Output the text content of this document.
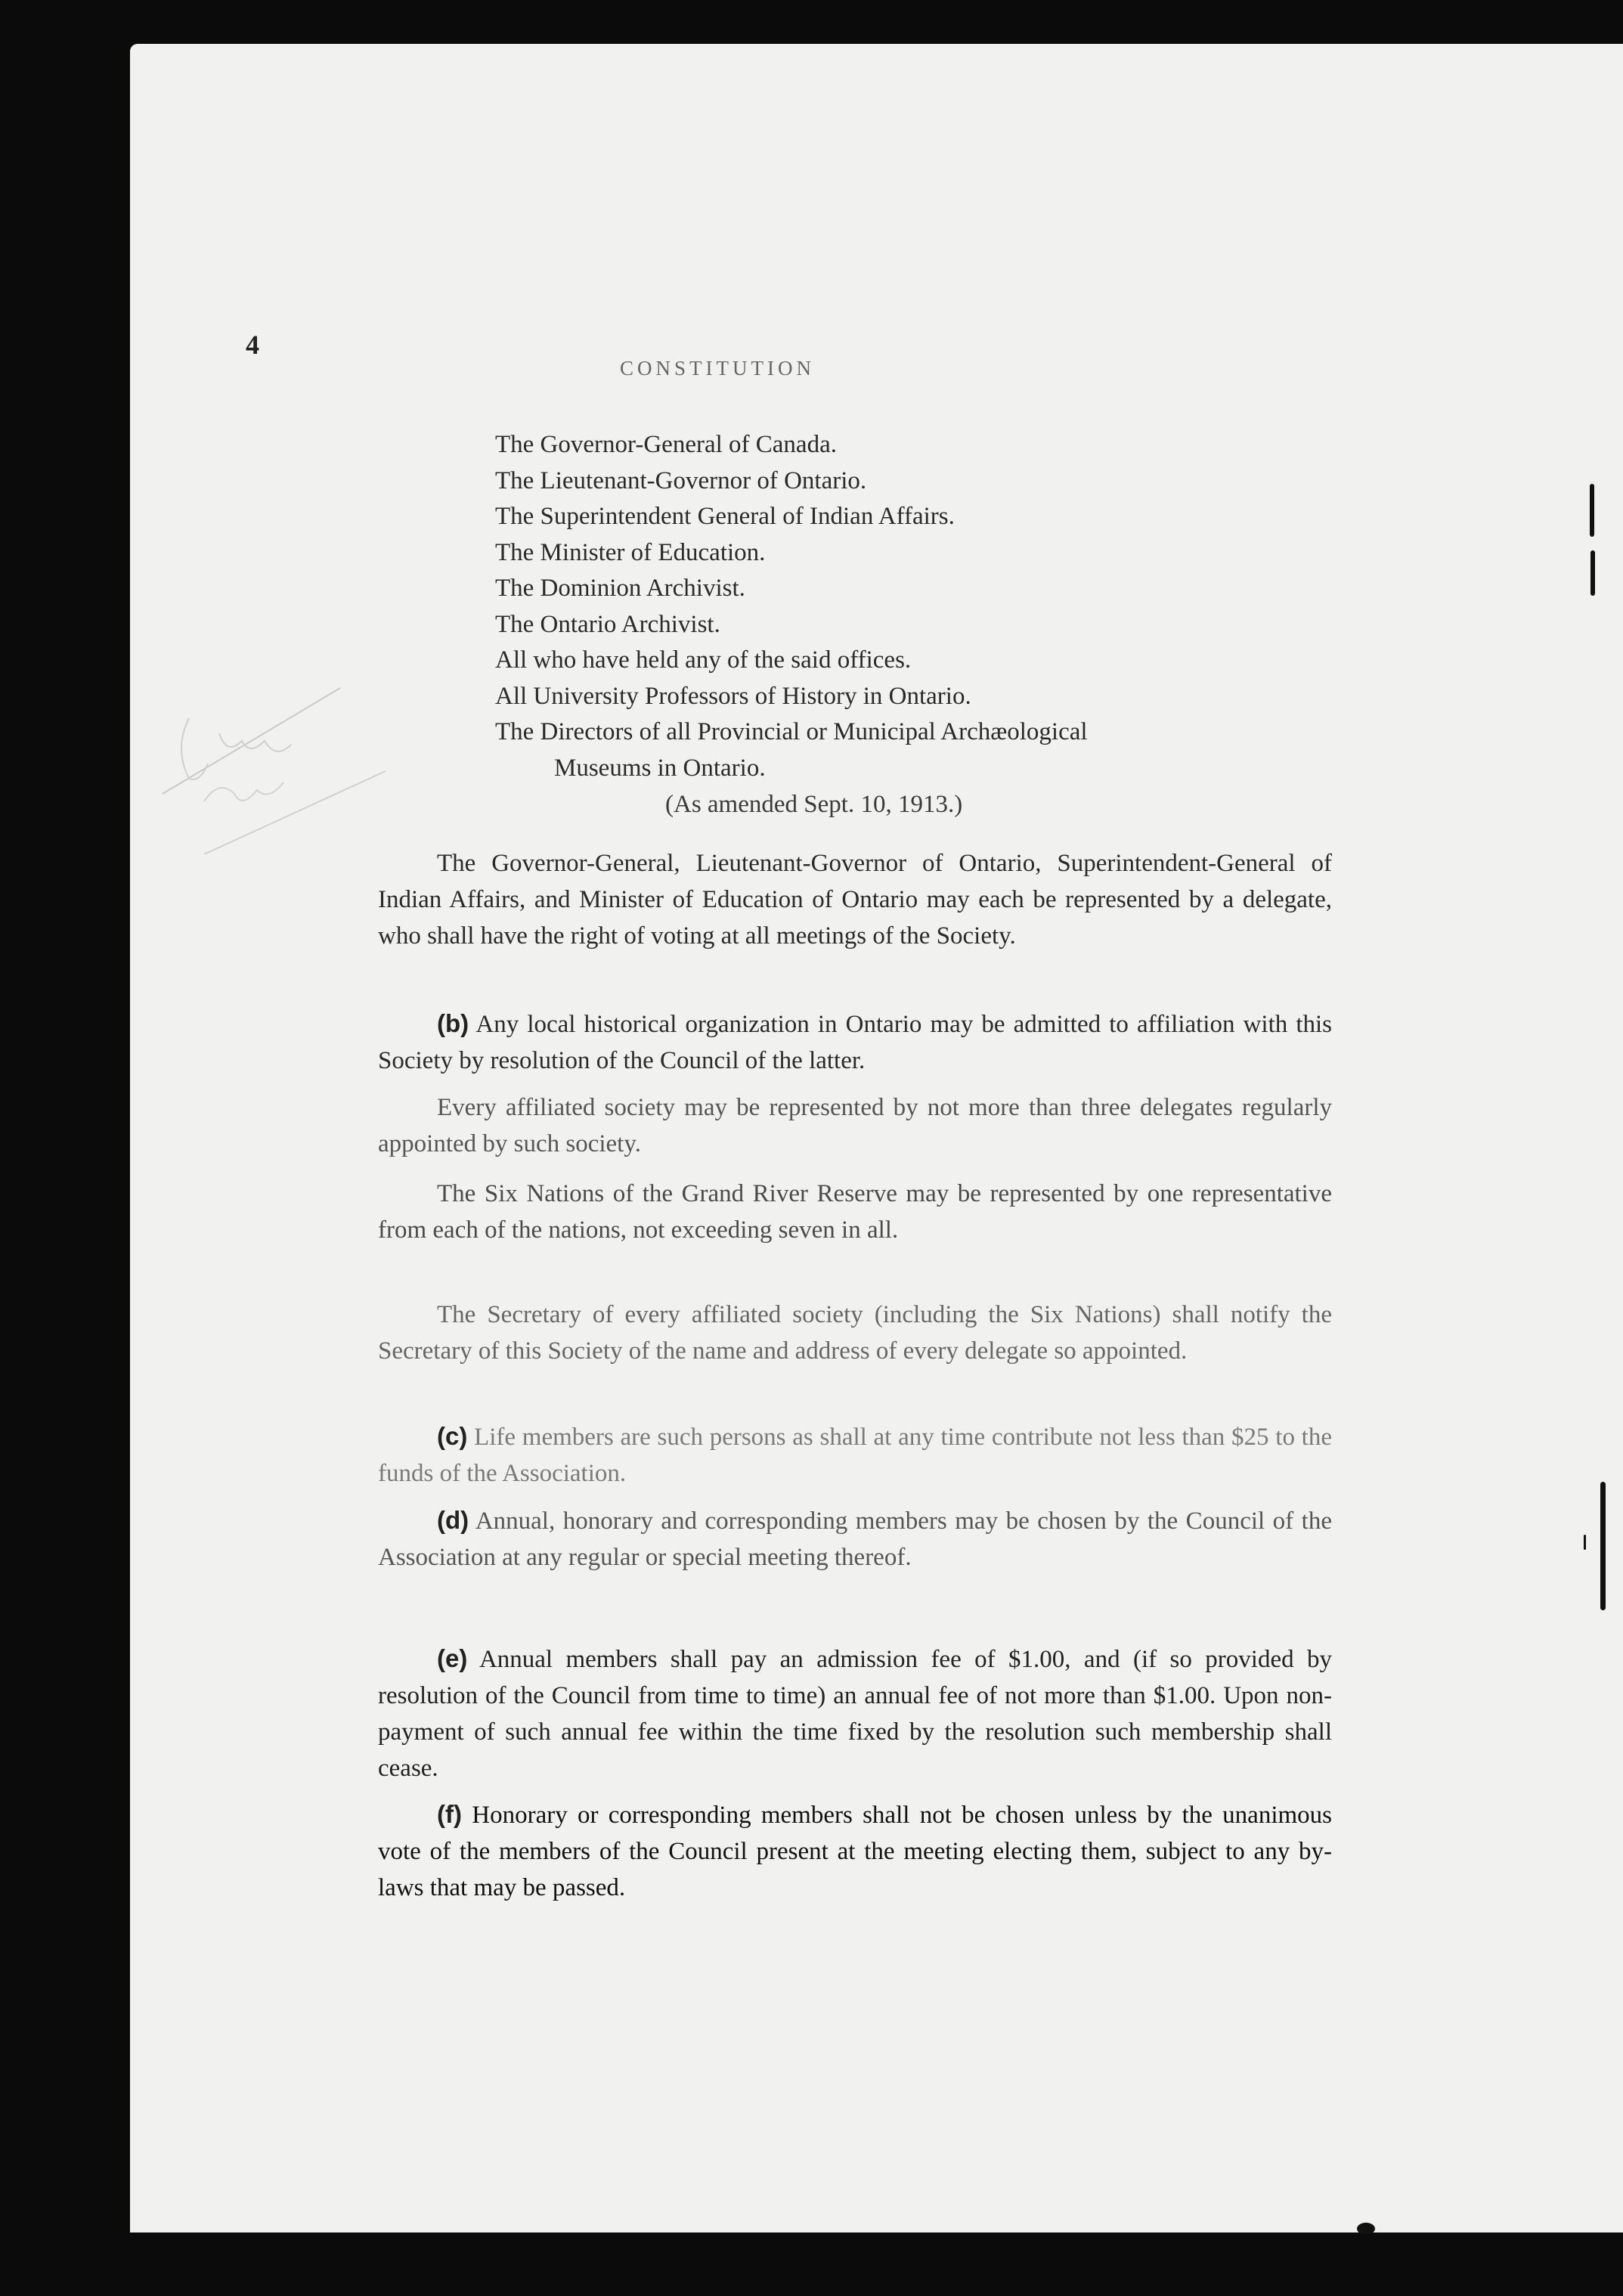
4
CONSTITUTION
The Governor-General of Canada.
The Lieutenant-Governor of Ontario.
The Superintendent General of Indian Affairs.
The Minister of Education.
The Dominion Archivist.
The Ontario Archivist.
All who have held any of the said offices.
All University Professors of History in Ontario.
The Directors of all Provincial or Municipal Archæological
Museums in Ontario.
(As amended Sept. 10, 1913.)

The Governor-General, Lieutenant-Governor of Ontario, Superintendent-General of Indian Affairs, and Minister of Education of Ontario may each be represented by a delegate, who shall have the right of voting at all meetings of the Society.

(b) Any local historical organization in Ontario may be admitted to affiliation with this Society by resolution of the Council of the latter.

Every affiliated society may be represented by not more than three delegates regularly appointed by such society.

The Six Nations of the Grand River Reserve may be represented by one representative from each of the nations, not exceeding seven in all.

The Secretary of every affiliated society (including the Six Nations) shall notify the Secretary of this Society of the name and address of every delegate so appointed.

(c) Life members are such persons as shall at any time contribute not less than $25 to the funds of the Association.

(d) Annual, honorary and corresponding members may be chosen by the Council of the Association at any regular or special meeting thereof.

(e) Annual members shall pay an admission fee of $1.00, and (if so provided by resolution of the Council from time to time) an annual fee of not more than $1.00. Upon non-payment of such annual fee within the time fixed by the resolution such membership shall cease.

(f) Honorary or corresponding members shall not be chosen unless by the unanimous vote of the members of the Council present at the meeting electing them, subject to any by-laws that may be passed.
